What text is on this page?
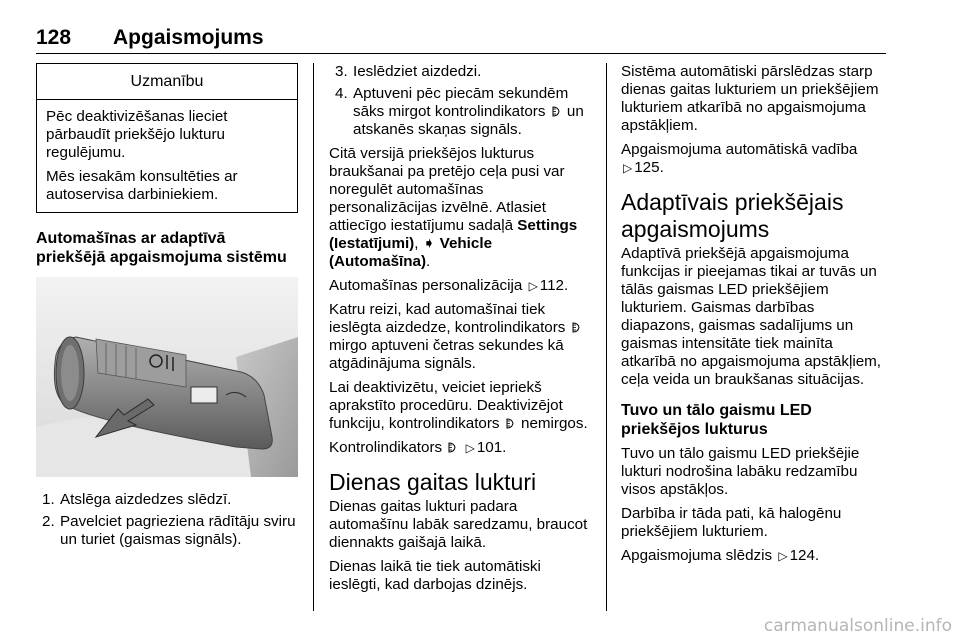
128 Apgaismojums
Uzmanību

Pēc deaktivizēšanas lieciet pārbaudīt priekšējo lukturu regulējumu.

Mēs iesakām konsultēties ar autoservisa darbiniekiem.

Automašīnas ar adaptīvā priekšējā apgaismojuma sistēmu
1. Atslēga aizdedzes slēdzī.
2. Pavelciet pagrieziena rādītāju sviru un turiet (gaismas signāls).
3. Ieslēdziet aizdedzi.
4. Aptuveni pēc piecām sekundēm sāks mirgot kontrolindikators un atskanēs skaņas signāls.

Citā versijā priekšējos lukturus braukšanai pa pretējo ceļa pusi var noregulēt automašīnas personalizācijas izvēlnē. Atlasiet attiecīgo iestatījumu sadaļā Settings (Iestatījumi), ➧ Vehicle (Automašīna).

Automašīnas personalizācija ▷ 112.

Katru reizi, kad automašīnai tiek ieslēgta aizdedze, kontrolindikators  mirgo aptuveni četras sekundes kā atgādinājuma signāls.

Lai deaktivizētu, veiciet iepriekš aprakstīto procedūru. Deaktivizējot funkciju, kontrolindikators nemirgos.

Kontrolindikators ▷ 101.

Dienas gaitas lukturi

Dienas gaitas lukturi padara automašīnu labāk saredzamu, braucot diennakts gaišajā laikā.

Dienas laikā tie tiek automātiski ieslēgti, kad darbojas dzinējs.

Sistēma automātiski pārslēdzas starp dienas gaitas lukturiem un priekšējiem lukturiem atkarībā no apgaismojuma apstākļiem.

Apgaismojuma automātiskā vadība
▷ 125.

Adaptīvais priekšējais apgaismojums

Adaptīvā priekšējā apgaismojuma funkcijas ir pieejamas tikai ar tuvās un tālās gaismas LED priekšējiem lukturiem. Gaismas darbības diapazons, gaismas sadalījums un gaismas intensitāte tiek mainīta atkarībā no apgaismojuma apstākļiem, ceļa veida un braukšanas situācijas.

Tuvo un tālo gaismu LED priekšējos lukturus

Tuvo un tālo gaismu LED priekšējie lukturi nodrošina labāku redzamību visos apstākļos.

Darbība ir tāda pati, kā halogēnu priekšējiem lukturiem.

Apgaismojuma slēdzis ▷ 124.

carmanualsonline.info
